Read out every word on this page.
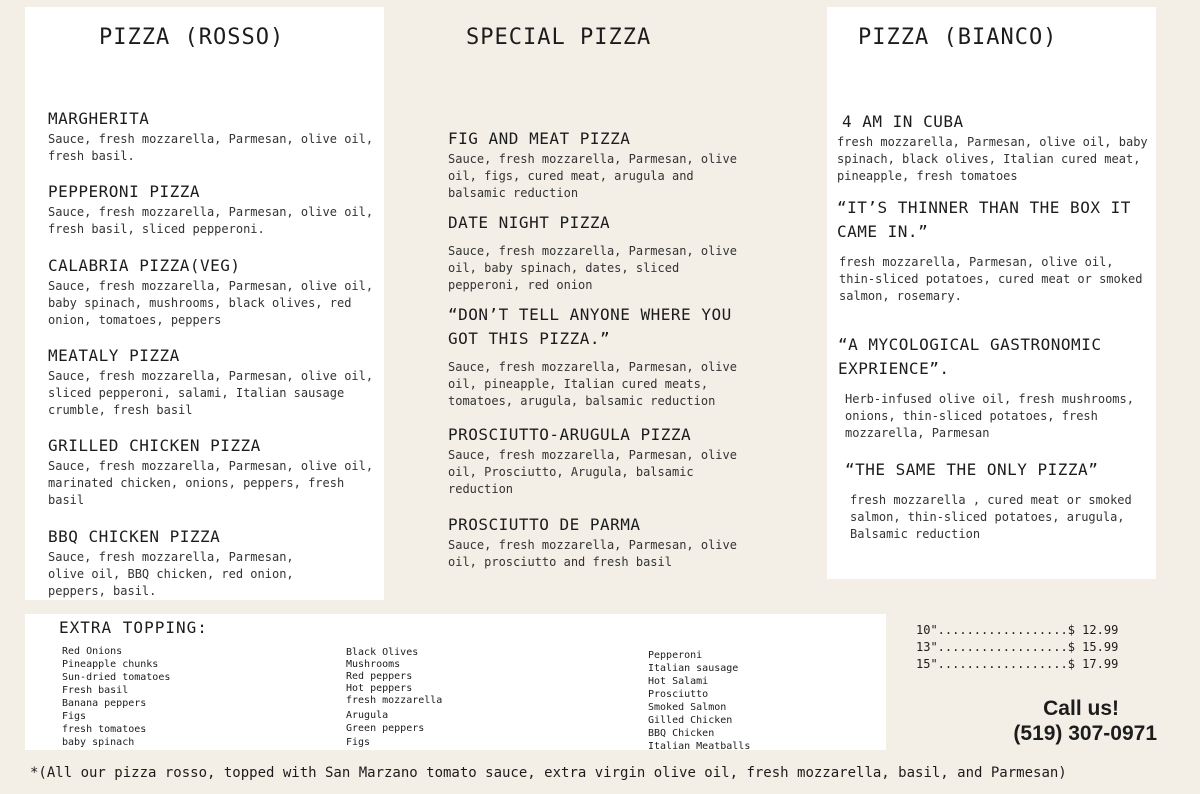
PIZZA (ROSSO)	SPECIAL PIZZA	PIZZA (BIANCO)
MARGHERITA
Sauce, fresh mozzarella, Parmesan, olive oil, fresh basil.
PEPPERONI PIZZA
Sauce, fresh mozzarella, Parmesan, olive oil, fresh basil, sliced pepperoni.
CALABRIA PIZZA(VEG)
Sauce, fresh mozzarella, Parmesan, olive oil, baby spinach, mushrooms, black olives, red onion, tomatoes, peppers
MEATALY PIZZA
Sauce, fresh mozzarella, Parmesan, olive oil, sliced pepperoni, salami, Italian sausage crumble, fresh basil
GRILLED CHICKEN PIZZA
Sauce, fresh mozzarella, Parmesan, olive oil, marinated chicken, onions, peppers, fresh basil
BBQ CHICKEN PIZZA
Sauce, fresh mozzarella, Parmesan, olive oil, BBQ chicken, red onion, peppers, basil.
FIG AND MEAT PIZZA
Sauce, fresh mozzarella, Parmesan, olive oil, figs, cured meat, arugula and balsamic reduction
DATE NIGHT PIZZA
Sauce, fresh mozzarella, Parmesan, olive oil, baby spinach, dates, sliced pepperoni, red onion
“DON’T TELL ANYONE WHERE YOU GOT THIS PIZZA.”
Sauce, fresh mozzarella, Parmesan, olive oil, pineapple, Italian cured meats, tomatoes, arugula, balsamic reduction
PROSCIUTTO-ARUGULA PIZZA
Sauce, fresh mozzarella, Parmesan, olive oil, Prosciutto, Arugula, balsamic reduction
PROSCIUTTO DE PARMA
Sauce, fresh mozzarella, Parmesan, olive oil, prosciutto and fresh basil
4 AM IN CUBA
fresh mozzarella, Parmesan, olive oil, baby spinach, black olives, Italian cured meat, pineapple, fresh tomatoes
“IT’S THINNER THAN THE BOX IT CAME IN.”
fresh mozzarella, Parmesan, olive oil, thin-sliced potatoes, cured meat or smoked salmon, rosemary.
“A MYCOLOGICAL GASTRONOMIC EXPRIENCE”.
Herb-infused olive oil, fresh mushrooms, onions, thin-sliced potatoes, fresh mozzarella, Parmesan
“THE SAME THE ONLY PIZZA”
fresh mozzarella , cured meat or smoked salmon, thin-sliced potatoes, arugula, Balsamic reduction
EXTRA TOPPING:
Red Onions
Pineapple chunks
Sun-dried tomatoes
Fresh basil
Banana peppers
Figs
fresh tomatoes
baby spinach
Black Olives
Mushrooms
Red peppers
Hot peppers
fresh mozzarella
Arugula
Green peppers
Figs
Pepperoni
Italian sausage
Hot Salami
Prosciutto
Smoked Salmon
Gilled Chicken
BBQ Chicken
Italian Meatballs
10"..................$ 12.99
13"..................$ 15.99
15"..................$ 17.99
Call us!
(519) 307-0971
*(All our pizza rosso, topped with San Marzano tomato sauce, extra virgin olive oil, fresh mozzarella, basil, and Parmesan)
